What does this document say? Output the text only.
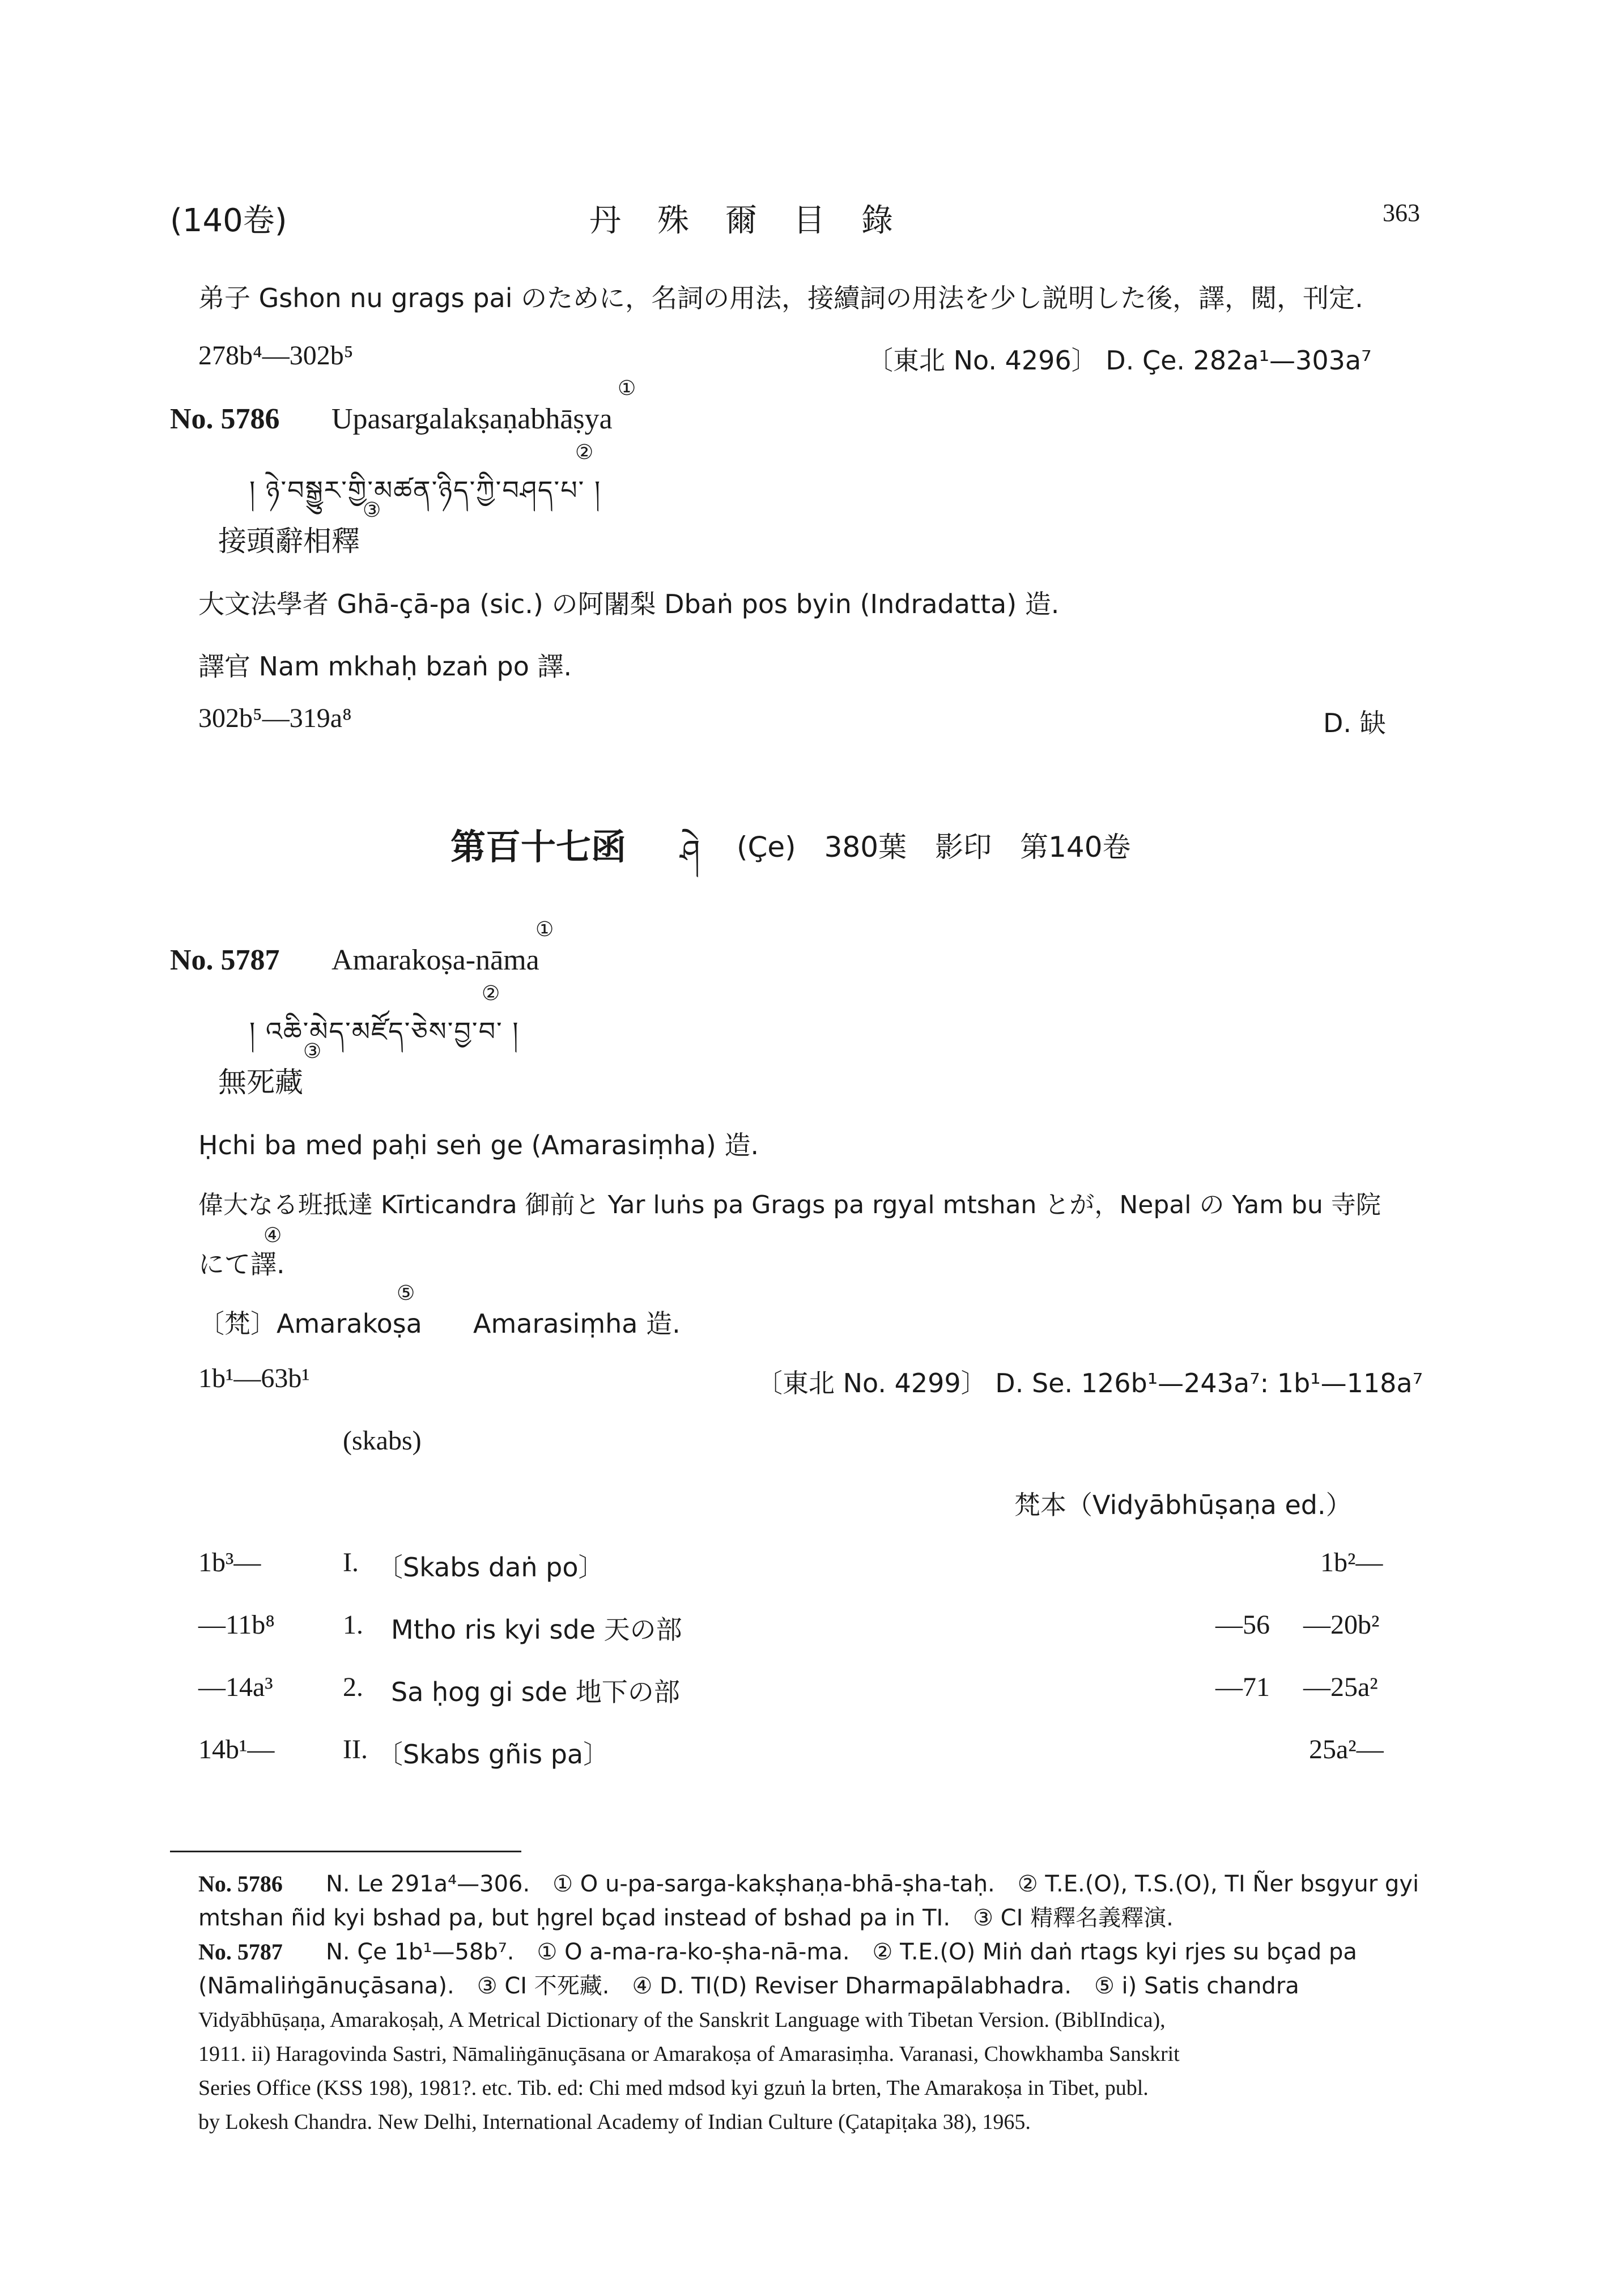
(140卷)	丹　殊　爾　目　錄	363
弟子 Gshon nu grags pai のために，名詞の用法，接續詞の用法を少し説明した後，譯，閲，刊定.
278b⁴—302b⁵	〔東北 No. 4296〕 D. Çe. 282a¹—303a⁷
No. 5786 Upasargalakṣaṇabhāṣya
①
། ཉེ་བསྒྱུར་གྱི་མཚན་ཉིད་ཀྱི་བཤད་པ་ །
②
接頭辭相釋
③
大文法學者 Ghā-çā-pa (sic.) の阿闍梨 Dbaṅ pos byin (Indradatta) 造.
譯官 Nam mkhaḥ bzaṅ po 譯.
302b⁵—319a⁸	D. 缺
第百十七函 ཤེ (Çe)　380葉　影印　第140卷
No. 5787 Amarakoṣa-nāma
①
། འཆི་མེད་མཛོད་ཅེས་བྱ་བ་ །
②
無死藏
③
Ḥchi ba med paḥi seṅ ge (Amarasiṃha) 造.
偉大なる班抵達 Kīrticandra 御前と Yar luṅs pa Grags pa rgyal mtshan とが，Nepal の Yam bu 寺院
にて譯.
④
〔梵〕Amarakoṣa
⑤
Amarasiṃha 造.
1b¹—63b¹	〔東北 No. 4299〕 D. Se. 126b¹—243a⁷: 1b¹—118a⁷
(skabs)
梵本（Vidyābhūṣaṇa ed.）
1b³—	I. 〔Skabs daṅ po〕	1b²—
—11b⁸	1. Mtho ris kyi sde 天の部	—56 —20b²
—14a³	2. Sa ḥog gi sde 地下の部	—71 —25a²
14b¹—	II. 〔Skabs gñis pa〕	25a²—
No. 5786 N. Le 291a⁴—306.　① O u-pa-sarga-kakṣhaṇa-bhā-ṣha-taḥ.　② T.E.(O), T.S.(O), TI Ñer bsgyur gyi
mtshan ñid kyi bshad pa, but ḥgrel bçad instead of bshad pa in TI.　③ CI 精釋名義釋演.
No. 5787 N. Çe 1b¹—58b⁷.　① O a-ma-ra-ko-ṣha-nā-ma.　② T.E.(O) Miṅ daṅ rtags kyi rjes su bçad pa
(Nāmaliṅgānuçāsana).　③ CI 不死藏.　④ D. TI(D) Reviser Dharmapālabhadra.　⑤ i) Satis chandra
Vidyābhūṣaṇa, Amarakoṣaḥ, A Metrical Dictionary of the Sanskrit Language with Tibetan Version. (BiblIndica),
1911. ii) Haragovinda Sastri, Nāmaliṅgānuçāsana or Amarakoṣa of Amarasiṃha. Varanasi, Chowkhamba Sanskrit
Series Office (KSS 198), 1981?. etc. Tib. ed: Chi med mdsod kyi gzuṅ la brten, The Amarakoṣa in Tibet, publ.
by Lokesh Chandra. New Delhi, International Academy of Indian Culture (Çatapiṭaka 38), 1965.
